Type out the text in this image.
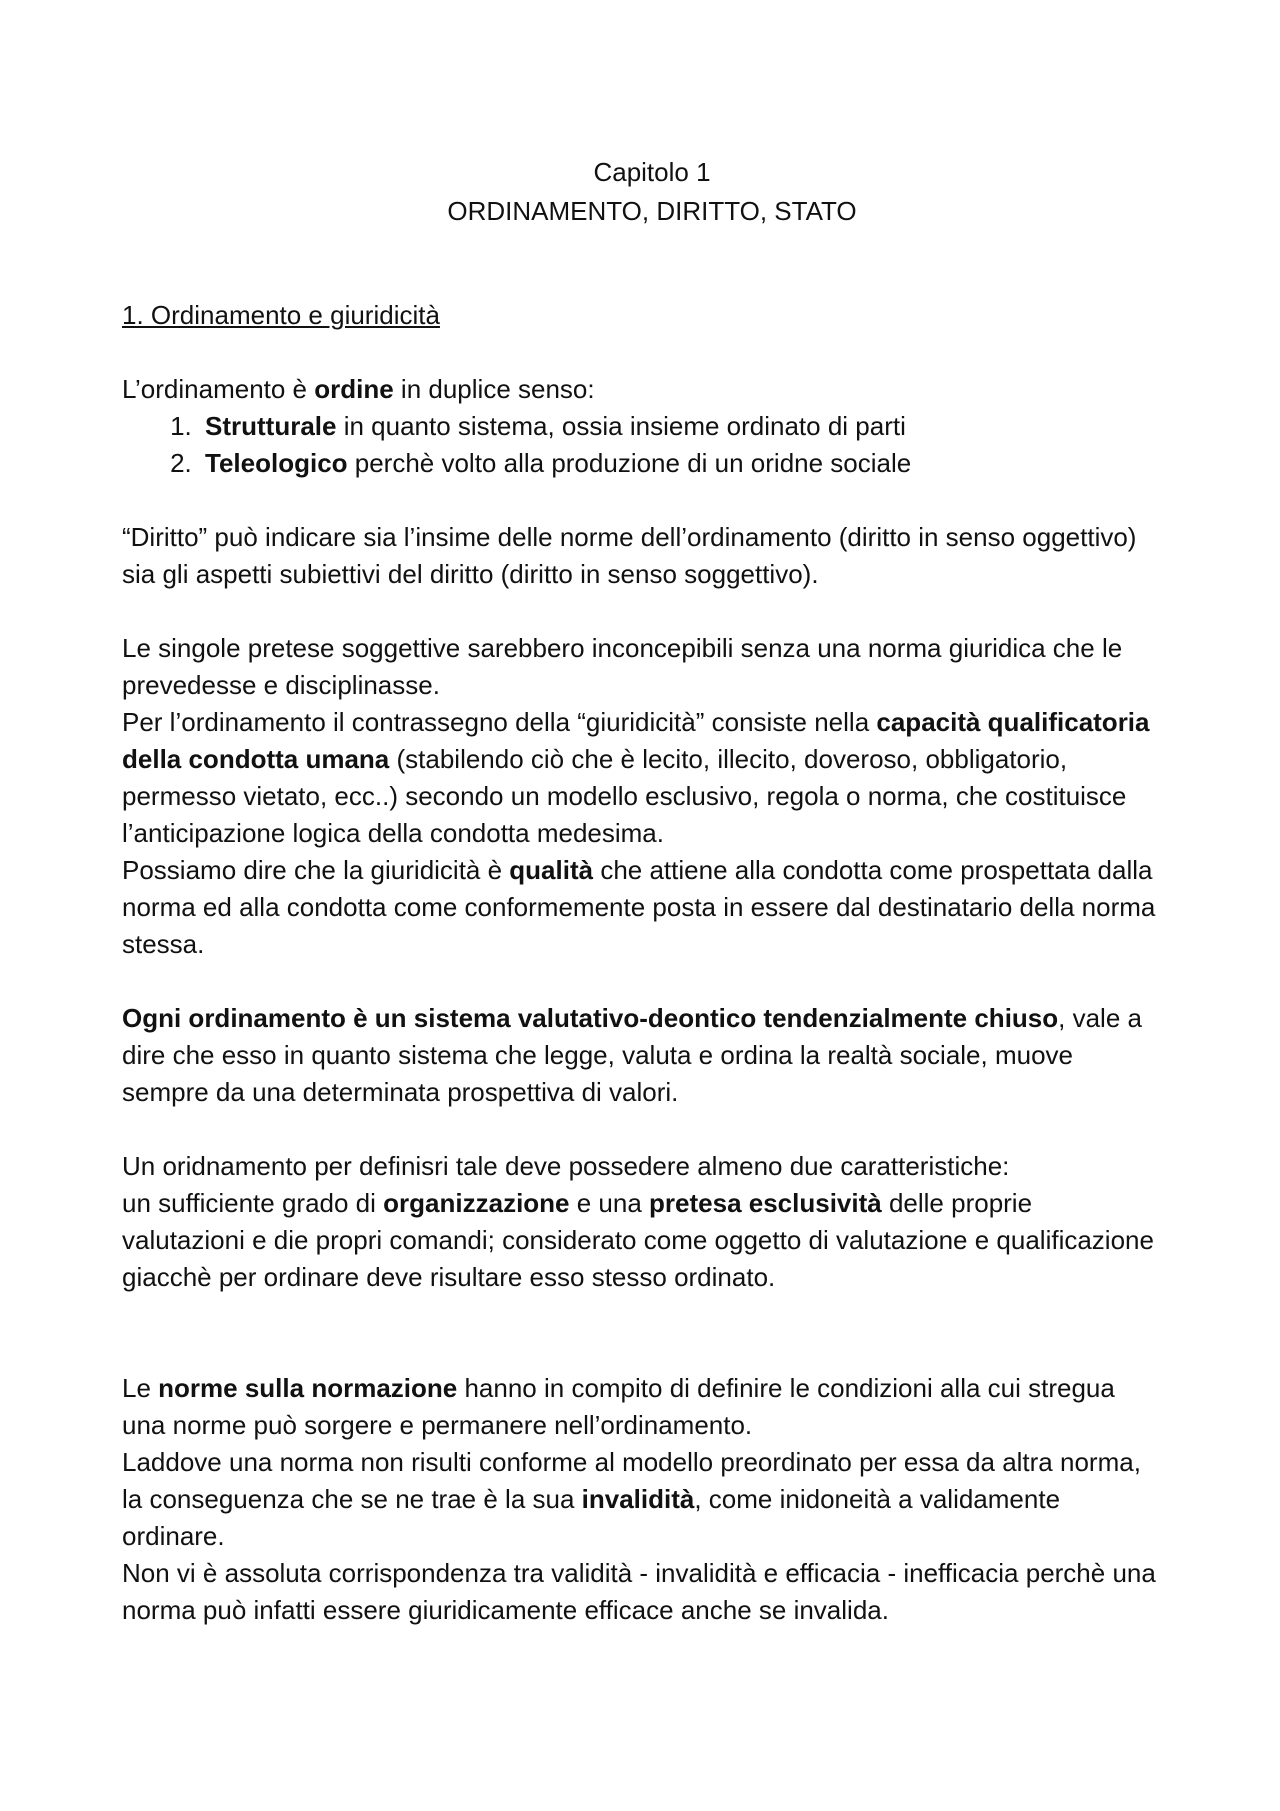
Capitolo 1
ORDINAMENTO, DIRITTO, STATO
1. Ordinamento e giuridicità

L’ordinamento è ordine in duplice senso:

1. Strutturale in quanto sistema, ossia insieme ordinato di parti
2. Teleologico perchè volto alla produzione di un oridne sociale

“Diritto” può indicare sia l’insime delle norme dell’ordinamento (diritto in senso oggettivo) sia gli aspetti subiettivi del diritto (diritto in senso soggettivo).

Le singole pretese soggettive sarebbero inconcepibili senza una norma giuridica che le prevedesse e disciplinasse.

Per l’ordinamento il contrassegno della “giuridicità” consiste nella capacità qualificatoria della condotta umana (stabilendo ciò che è lecito, illecito, doveroso, obbligatorio, permesso vietato, ecc..) secondo un modello esclusivo, regola o norma, che costituisce l’anticipazione logica della condotta medesima.

Possiamo dire che la giuridicità è qualità che attiene alla condotta come prospettata dalla norma ed alla condotta come conformemente posta in essere dal destinatario della norma stessa.

Ogni ordinamento è un sistema valutativo-deontico tendenzialmente chiuso, vale a dire che esso in quanto sistema che legge, valuta e ordina la realtà sociale, muove sempre da una determinata prospettiva di valori.

Un oridnamento per definisri tale deve possedere almeno due caratteristiche:

un sufficiente grado di organizzazione e una pretesa esclusività delle proprie valutazioni e die propri comandi; considerato come oggetto di valutazione e qualificazione giacchè per ordinare deve risultare esso stesso ordinato.

Le norme sulla normazione hanno in compito di definire le condizioni alla cui stregua una norme può sorgere e permanere nell’ordinamento.

Laddove una norma non risulti conforme al modello preordinato per essa da altra norma, la conseguenza che se ne trae è la sua invalidità, come inidoneità a validamente ordinare.

Non vi è assoluta corrispondenza tra validità - invalidità e efficacia - inefficacia perchè una norma può infatti essere giuridicamente efficace anche se invalida.
